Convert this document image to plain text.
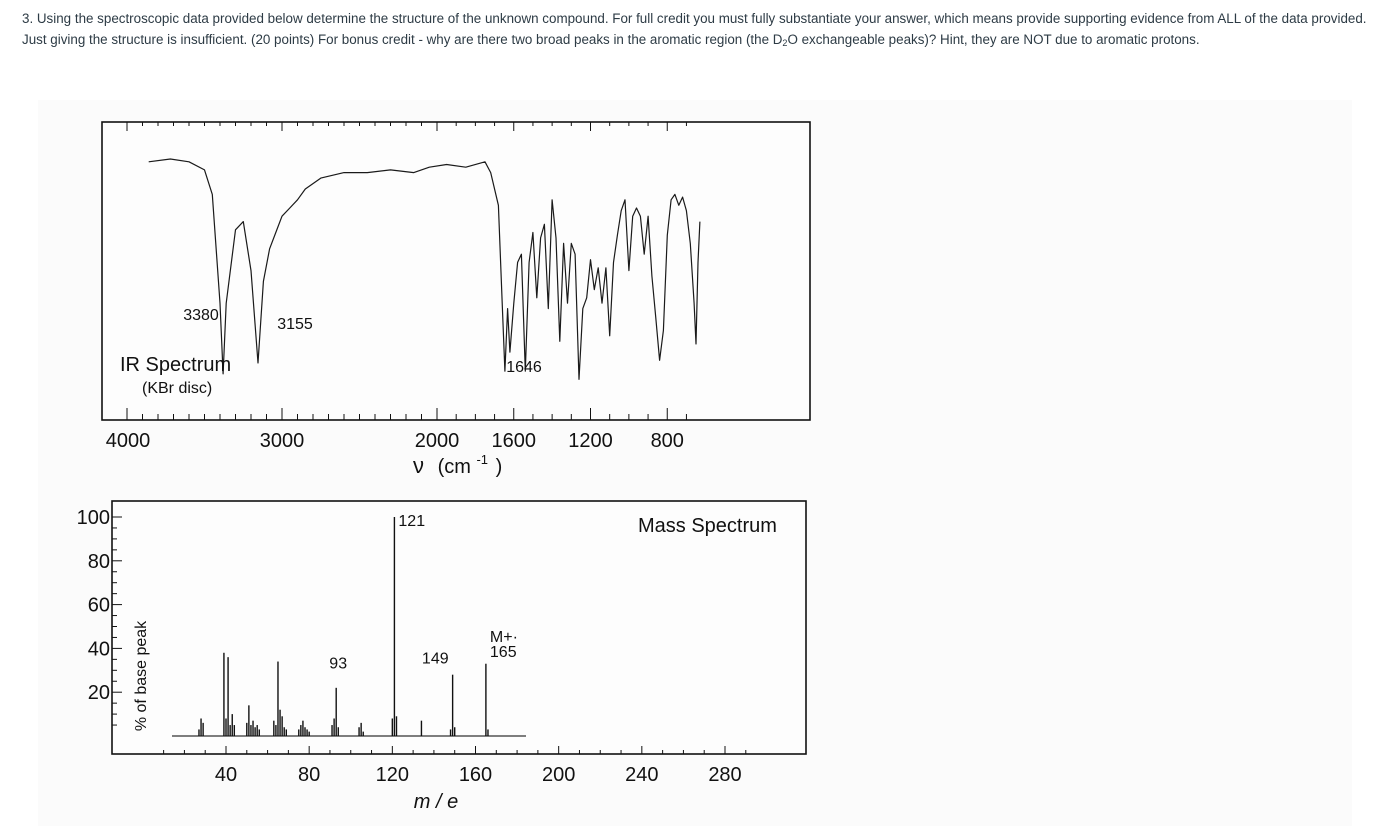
3. Using the spectroscopic data provided below determine the structure of the unknown compound. For full credit you must fully substantiate your answer, which means provide supporting evidence from ALL of the data provided. Just giving the structure is insufficient. (20 points) For bonus credit - why are there two broad peaks in the aromatic region (the $D_2O$ exchangeable peaks)? Hint, they are NOT due to aromatic protons.
3380
3155
1646
4000	3000	2000 1600 1200 800
IR Spectrum
(KBr disc)
ν (cm $^{-1}$ )
121
149
M+·
165
93
40	80	120 160 200 240 280
100
80
60
40
20
Mass Spectrum
% of base peak
m / e
